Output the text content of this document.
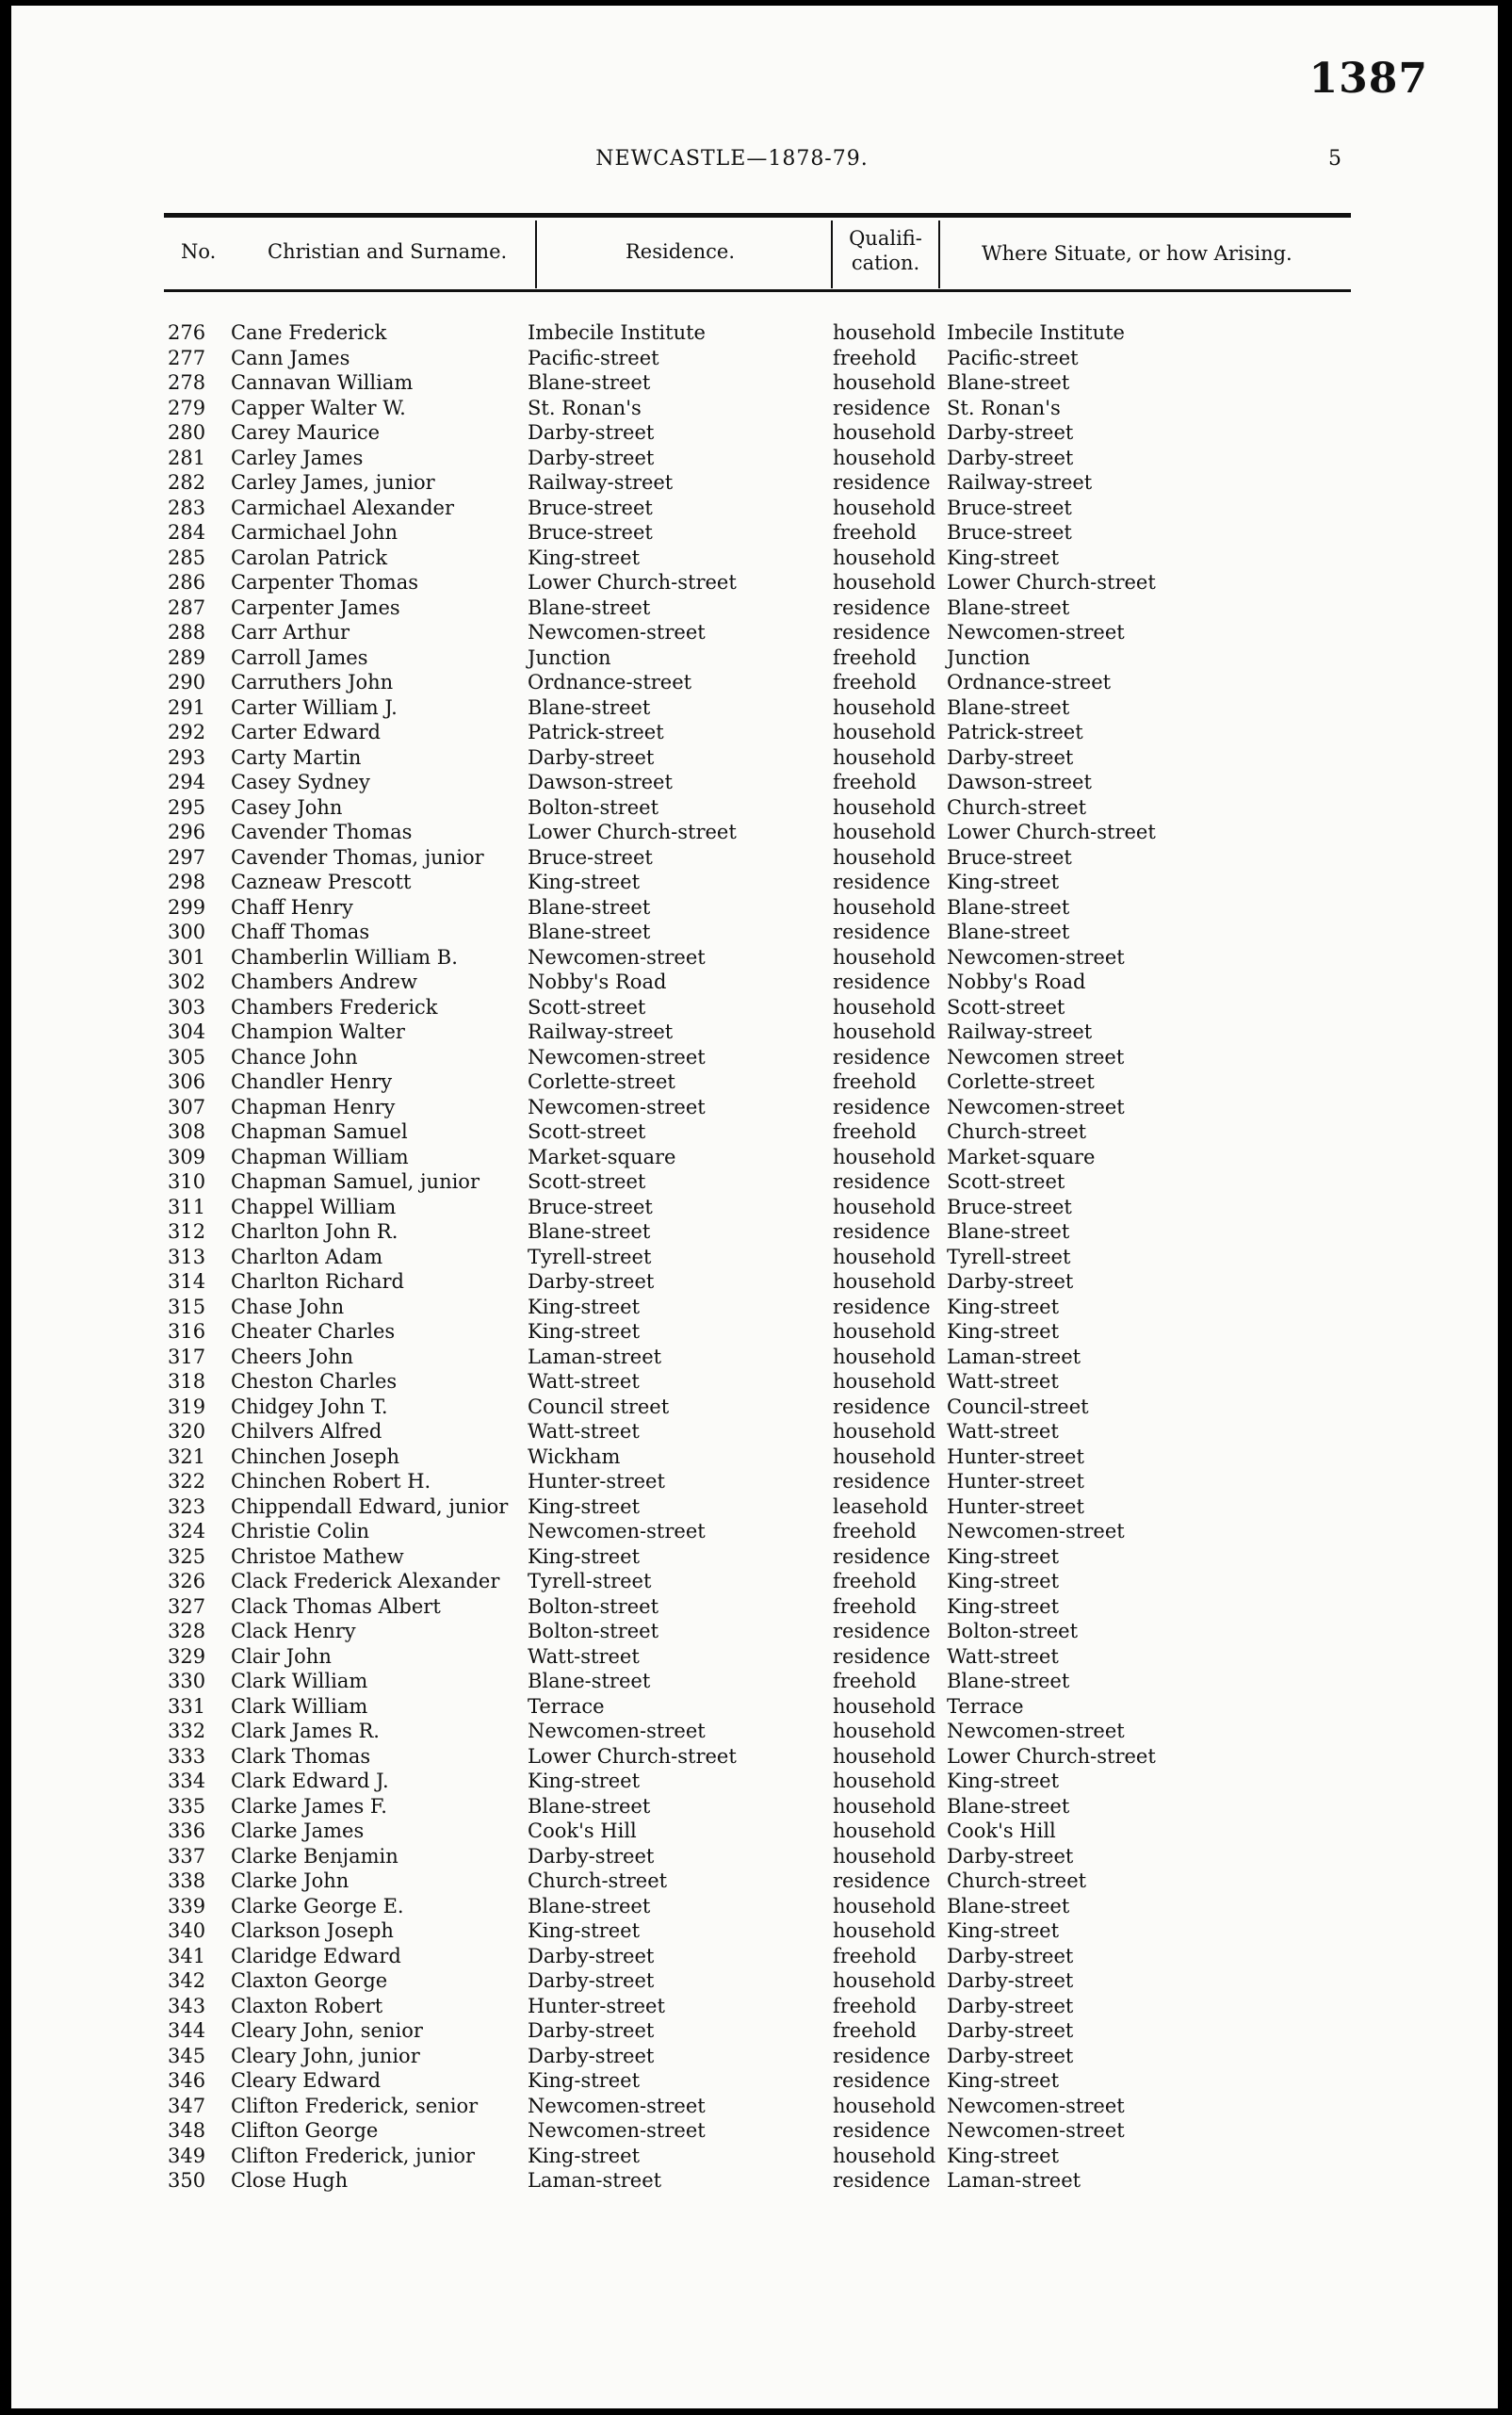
1387
NEWCASTLE—1878-79.	5
No.	Christian and Surname.	Residence.
Qualifi-
cation.	Where Situate, or how Arising.
276 Cane Frederick	Imbecile Institute	household Imbecile Institute
277 Cann James	Pacific-street	freehold Pacific-street
278 Cannavan William	Blane-street	household Blane-street
279 Capper Walter W.	St. Ronan's	residence St. Ronan's
280 Carey Maurice	Darby-street	household Darby-street
281 Carley James	Darby-street	household Darby-street
282 Carley James, junior	Railway-street	residence Railway-street
283 Carmichael Alexander	Bruce-street	household Bruce-street
284 Carmichael John	Bruce-street	freehold Bruce-street
285 Carolan Patrick	King-street	household King-street
286 Carpenter Thomas	Lower Church-street	household Lower Church-street
287 Carpenter James	Blane-street	residence Blane-street
288 Carr Arthur	Newcomen-street	residence Newcomen-street
289 Carroll James	Junction	freehold Junction
290 Carruthers John	Ordnance-street	freehold Ordnance-street
291 Carter William J.	Blane-street	household Blane-street
292 Carter Edward	Patrick-street	household Patrick-street
293 Carty Martin	Darby-street	household Darby-street
294 Casey Sydney	Dawson-street	freehold Dawson-street
295 Casey John	Bolton-street	household Church-street
296 Cavender Thomas	Lower Church-street	household Lower Church-street
297 Cavender Thomas, junior Bruce-street	household Bruce-street
298 Cazneaw Prescott	King-street	residence King-street
299 Chaff Henry	Blane-street	household Blane-street
300 Chaff Thomas	Blane-street	residence Blane-street
301 Chamberlin William B.	Newcomen-street	household Newcomen-street
302 Chambers Andrew	Nobby's Road	residence Nobby's Road
303 Chambers Frederick	Scott-street	household Scott-street
304 Champion Walter	Railway-street	household Railway-street
305 Chance John	Newcomen-street	residence Newcomen street
306 Chandler Henry	Corlette-street	freehold Corlette-street
307 Chapman Henry	Newcomen-street	residence Newcomen-street
308 Chapman Samuel	Scott-street	freehold Church-street
309 Chapman William	Market-square	household Market-square
310 Chapman Samuel, junior Scott-street	residence Scott-street
311 Chappel William	Bruce-street	household Bruce-street
312 Charlton John R.	Blane-street	residence Blane-street
313 Charlton Adam	Tyrell-street	household Tyrell-street
314 Charlton Richard	Darby-street	household Darby-street
315 Chase John	King-street	residence King-street
316 Cheater Charles	King-street	household King-street
317 Cheers John	Laman-street	household Laman-street
318 Cheston Charles	Watt-street	household Watt-street
319 Chidgey John T.	Council street	residence Council-street
320 Chilvers Alfred	Watt-street	household Watt-street
321 Chinchen Joseph	Wickham	household Hunter-street
322 Chinchen Robert H.	Hunter-street	residence Hunter-street
323 Chippendall Edward, junior King-street	leasehold Hunter-street
324 Christie Colin	Newcomen-street	freehold Newcomen-street
325 Christoe Mathew	King-street	residence King-street
326 Clack Frederick Alexander Tyrell-street	freehold King-street
327 Clack Thomas Albert	Bolton-street	freehold King-street
328 Clack Henry	Bolton-street	residence Bolton-street
329 Clair John	Watt-street	residence Watt-street
330 Clark William	Blane-street	freehold Blane-street
331 Clark William	Terrace	household Terrace
332 Clark James R.	Newcomen-street	household Newcomen-street
333 Clark Thomas	Lower Church-street	household Lower Church-street
334 Clark Edward J.	King-street	household King-street
335 Clarke James F.	Blane-street	household Blane-street
336 Clarke James	Cook's Hill	household Cook's Hill
337 Clarke Benjamin	Darby-street	household Darby-street
338 Clarke John	Church-street	residence Church-street
339 Clarke George E.	Blane-street	household Blane-street
340 Clarkson Joseph	King-street	household King-street
341 Claridge Edward	Darby-street	freehold Darby-street
342 Claxton George	Darby-street	household Darby-street
343 Claxton Robert	Hunter-street	freehold Darby-street
344 Cleary John, senior	Darby-street	freehold Darby-street
345 Cleary John, junior	Darby-street	residence Darby-street
346 Cleary Edward	King-street	residence King-street
347 Clifton Frederick, senior	Newcomen-street	household Newcomen-street
348 Clifton George	Newcomen-street	residence Newcomen-street
349 Clifton Frederick, junior	King-street	household King-street
350 Close Hugh	Laman-street	residence Laman-street
